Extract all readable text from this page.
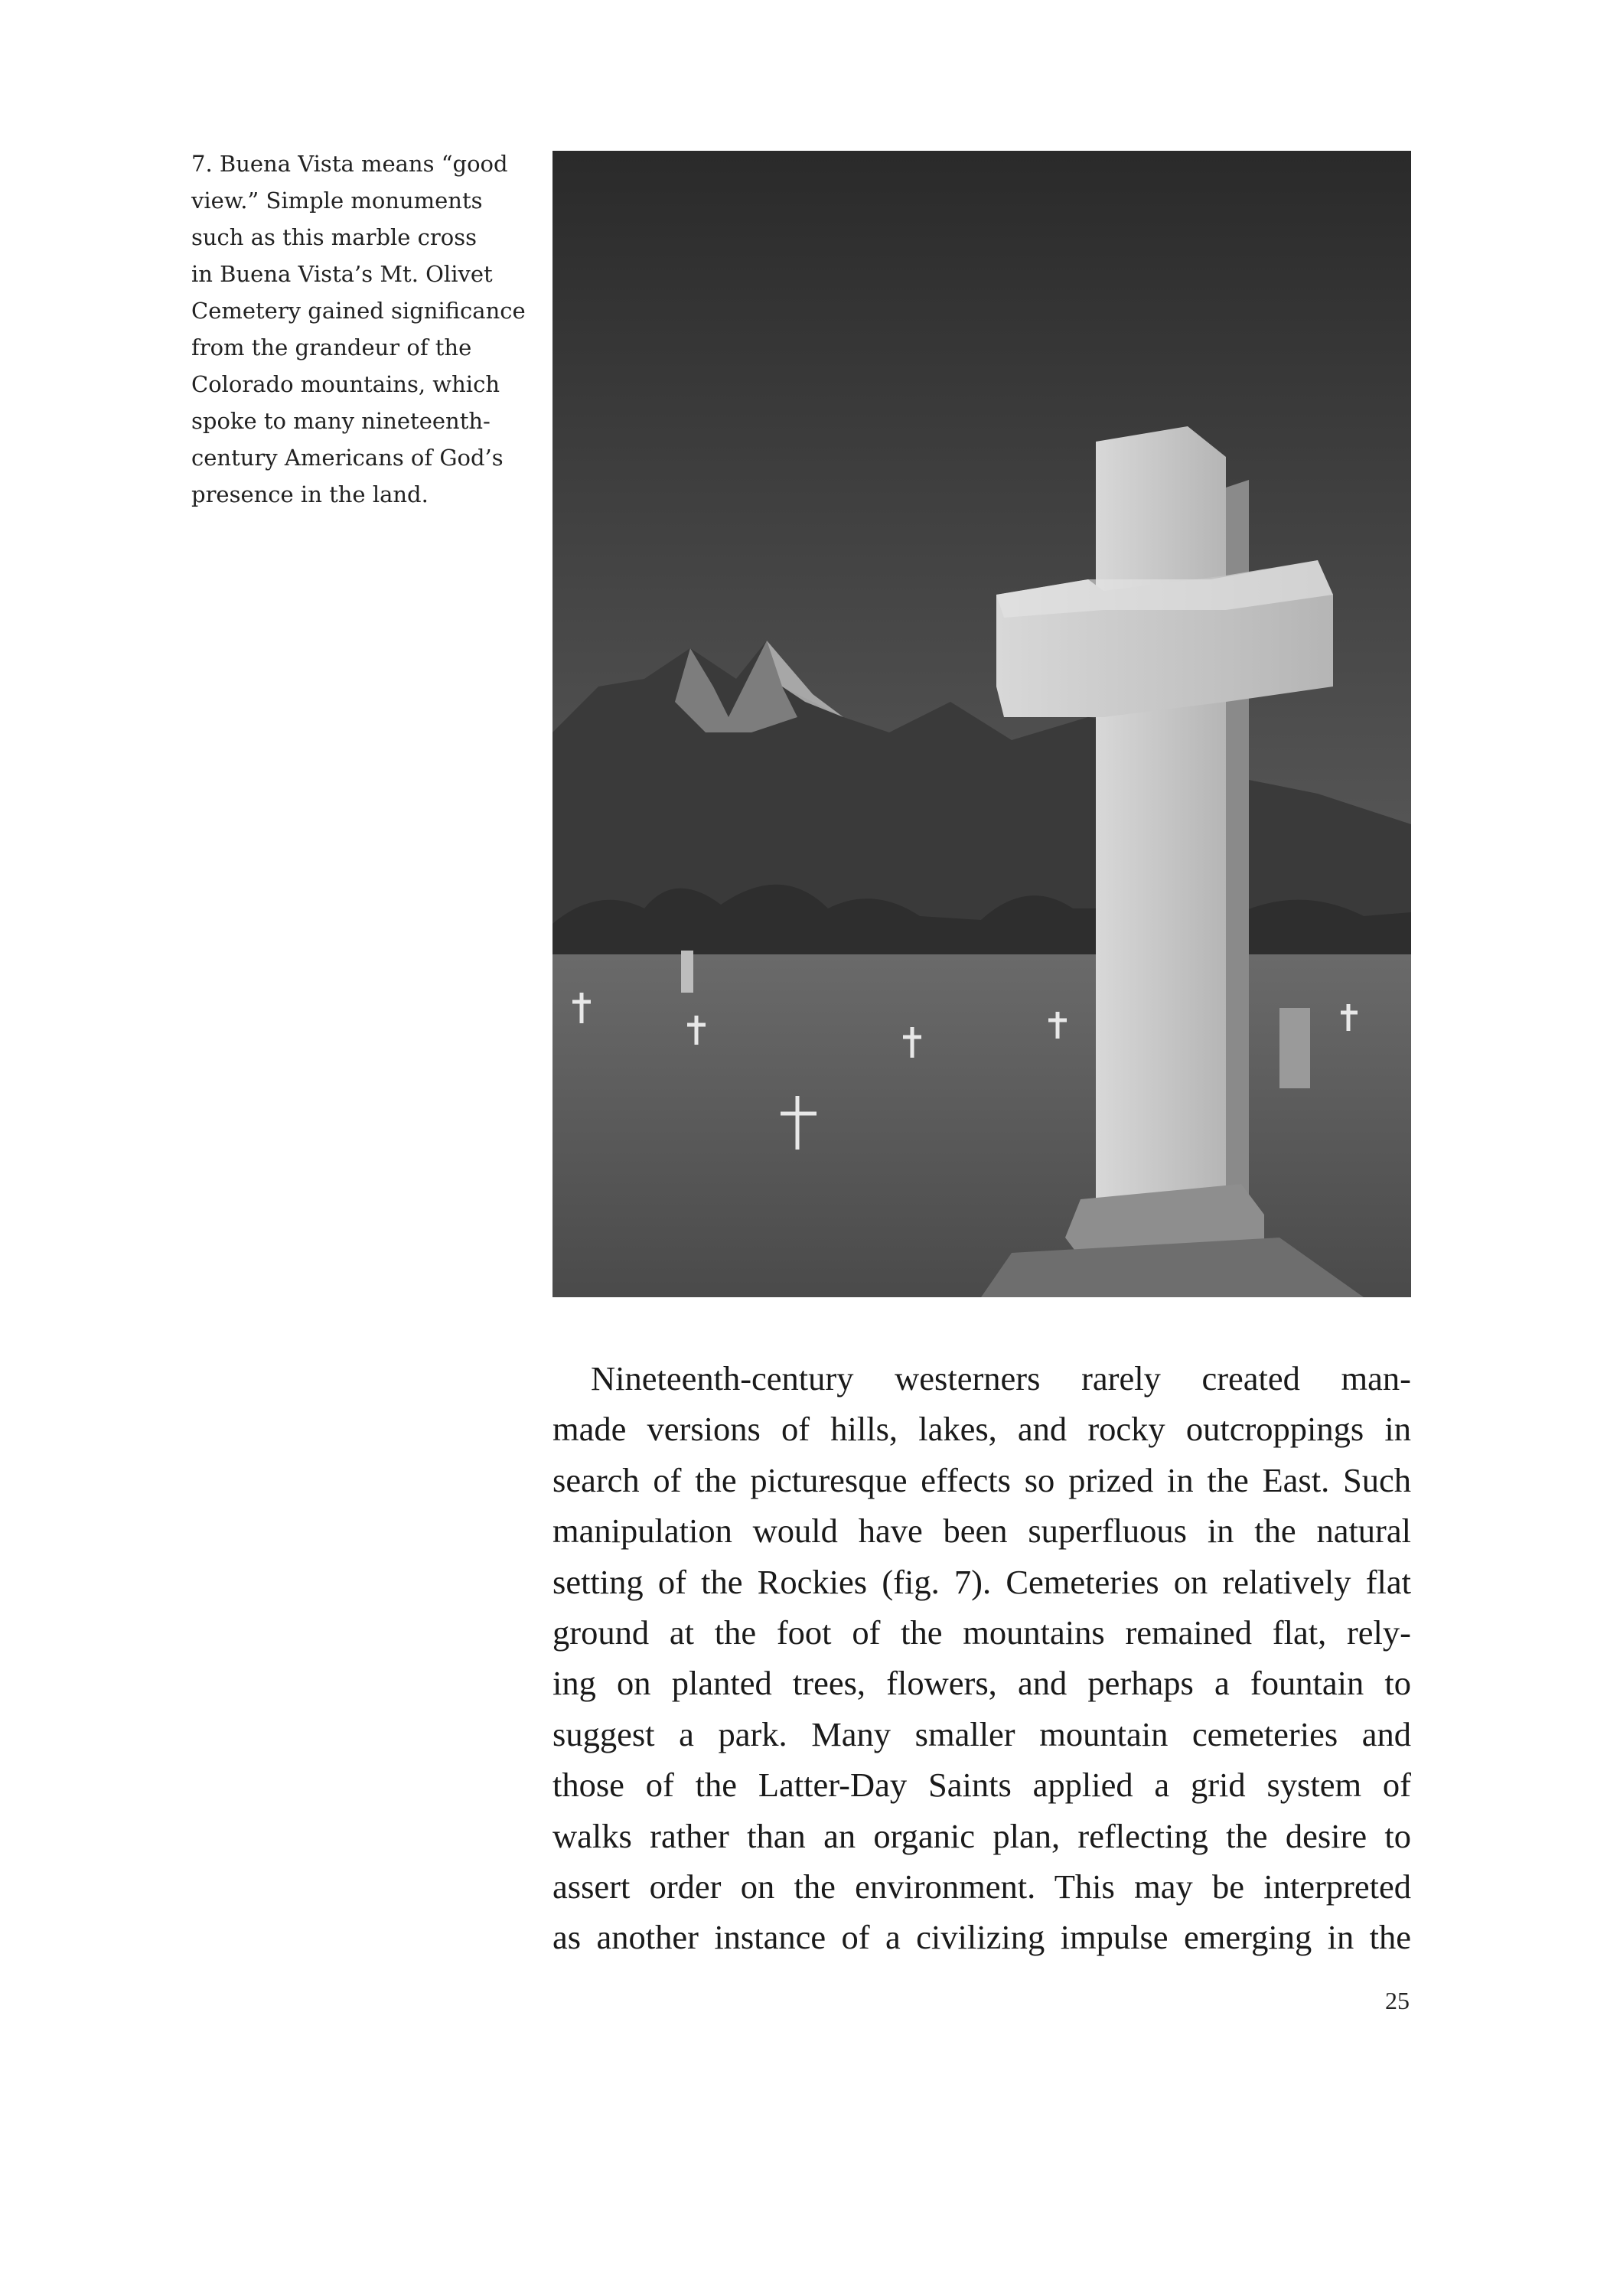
7. Buena Vista means “good
view.” Simple monuments
such as this marble cross
in Buena Vista’s Mt. Olivet
Cemetery gained significance
from the grandeur of the
Colorado mountains, which
spoke to many nineteenth-
century Americans of God’s
presence in the land.
Nineteenth-century westerners rarely created man-
made versions of hills, lakes, and rocky outcroppings in
search of the picturesque effects so prized in the East. Such
manipulation would have been superfluous in the natural
setting of the Rockies (fig. 7). Cemeteries on relatively flat
ground at the foot of the mountains remained flat, rely-
ing on planted trees, flowers, and perhaps a fountain to
suggest a park. Many smaller mountain cemeteries and
those of the Latter-Day Saints applied a grid system of
walks rather than an organic plan, reflecting the desire to
assert order on the environment. This may be interpreted
as another instance of a civilizing impulse emerging in the
25
